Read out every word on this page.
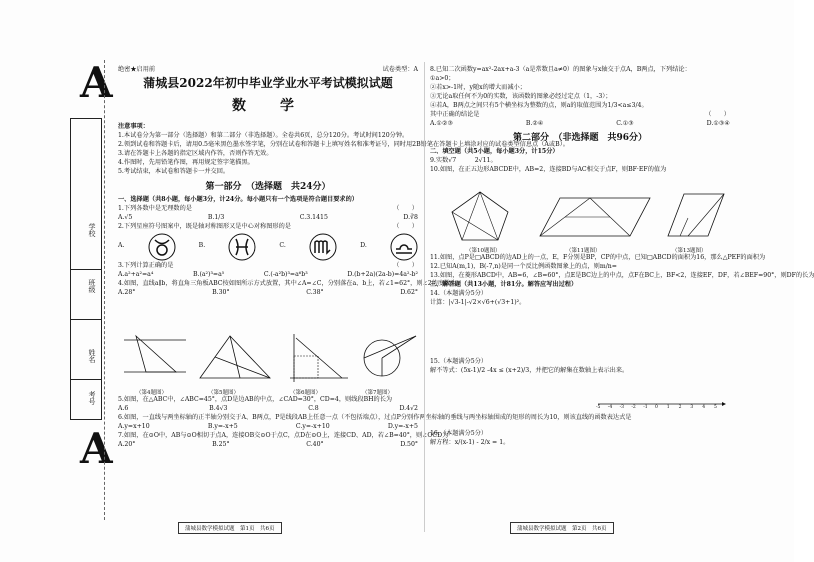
A
A
学校
班级
姓名
考号

绝密★启用前	试卷类型：A

蒲城县2022年初中毕业学业水平考试模拟试题
数　学

注意事项：

1.本试卷分为第一部分（选择题）和第二部分（非选择题）。全卷共6页，总分120分。考试时间120分钟。

2.领到试卷和答题卡后，请用0.5毫米黑色墨水签字笔，分别在试卷和答题卡上填写姓名和准考证号，同时用2B铅笔在答题卡上填涂对应的试卷类型信息点（A或B）。

3.请在答题卡上各题的指定区域内作答，否则作答无效。

4.作图时，先用铅笔作图，再用规定签字笔描黑。

5.考试结束，本试卷和答题卡一并交回。

第一部分　（选择题　共24分）

一、选择题（共8小题，每小题3分，计24分。每小题只有一个选项是符合题目要求的）

1.下列各数中是无理数的是	（　　）

A.√5	B.1/3	C.3.1415	D.∛8

2.下列星座符号图案中，既是轴对称图形又是中心对称图形的是	（　　）

A.	B.	C.	D.

3.下列计算正确的是	（　　）

A.a²+a²=a⁴	B.(a²)³=a⁵	C.(-a²b)³=a⁶b³	D.(b+2a)(2a-b)=4a²-b²

4.如图，直线a∥b，将直角三角板ABC按如图所示方式放置，其中∠A=∠C，分别落在a、b上，若∠1=62°，则∠2的度数为

A.28°	B.30°	C.38°	D.62°

（第4题图）	（第5题图）	（第6题图）	（第7题图）

5.如图，在△ABC中，∠ABC=45°，点D是边AB的中点，∠CAD=30°，CD=4，则线段BH的长为

A.6	B.4√3	C.8	D.4√2

6.如图，一直线与两坐标轴的正半轴分别交于A、B两点，P是线段AB上任意一点（不包括端点），过点P分别作两坐标轴的垂线与两坐标轴围成的矩形的周长为10，则该直线的函数表达式是

A.y=x+10	B.y=-x+5	C.y=-x+10	D.y=-x+5

7.如图，在⊙O中，AB与⊙O相切于点A，连接OB交⊙O于点C，点D在⊙O上，连接CD、AD，若∠B=40°，则∠OCD为

A.20°	B.25°	C.40°	D.50°

蒲城县数学模拟试题　第1页　共6页

8.已知二次函数y=ax²-2ax+a-3（a是常数且a≠0）的图象与x轴交于点A，B两点，下列结论：

①a>0；

②若x>-1时，y随x的增大而减小；

③无论a取任何不为0的实数，该函数的图象必经过定点（1，-3）；

④若A，B两点之间只有5个横坐标为整数的点，则a的取值范围为1/3<a≤3/4。

其中正确的结论是	（　　）

A.①②③	B.②④	C.①③	D.①③④

第二部分　（非选择题　共96分）

二、填空题（共5小题，每小题3分，计15分）

9.实数√7　　　2√11。

10.如图，在正五边形ABCDE中，AB=2，连接BD与AC相交于点F，则BF·EF的值为

（第10题图）	（第11题图）	（第13题图）

11.如图，点P是□ABCD的边AD上的一点，E，F分别是BP，CP的中点，已知□ABCD的面积为16，那么△PEF的面积为

12.已知A(m,1)，B(-7,n)是同一个反比例函数图象上的点，则m/n=

13.如图，在菱形ABCD中，AB=6，∠B=60°，点E是BC边上的中点，点F在BC上，BF<2，连接EF，DF，若∠BEF=90°，则DF的长为

三、解答题（共13小题，计81分。解答应写出过程）

14.（本题满分5分）

计算：|√3-1|-√2×√6+(√3+1)²。

15.（本题满分5分）

解不等式：(5x-1)/2 -4x ≤ (x+2)/3，并把它的解集在数轴上表示出来。

-5 -4 -3 -2 -1 0 1 2 3 4 5

16.（本题满分5分）

解方程：x/(x-1) - 2/x = 1。

蒲城县数学模拟试题　第2页　共6页
